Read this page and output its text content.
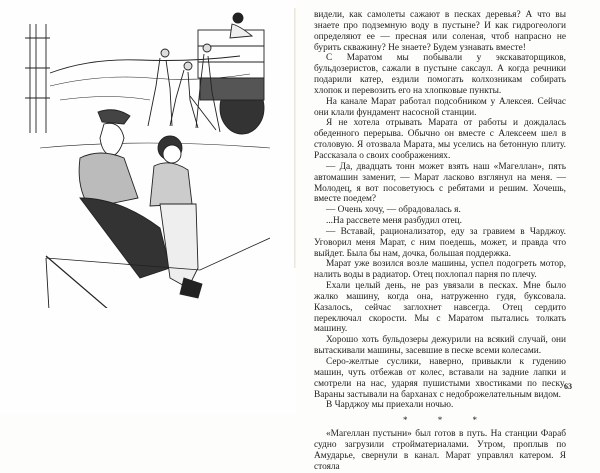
видели, как самолеты сажают в песках деревья? А что вы знаете про подземную воду в пустыне? И как гидрогеологи определяют ее — пресная или соленая, чтоб напрасно не бурить скважину? Не знаете? Будем узнавать вместе!

С Маратом мы побывали у экскаваторщиков, бульдозеристов, сажали в пустыне саксаул. А когда речники подарили катер, ездили помогать колхозникам собирать хлопок и перевозить его на хлопковые пункты.

На канале Марат работал подсобником у Алексея. Сейчас они клали фундамент насосной станции.

Я не хотела отрывать Марата от работы и дождалась обеденного перерыва. Обычно он вместе с Алексеем шел в столовую. Я отозвала Марата, мы уселись на бетонную плиту. Рассказала о своих соображениях.

— Да, двадцать тонн может взять наш «Магеллан», пять автомашин заменит, — Марат ласково взглянул на меня. — Молодец, я вот посоветуюсь с ребятами и решим. Хочешь, вместе поедем?

— Очень хочу, — обрадовалась я.

...На рассвете меня разбудил отец.

— Вставай, рационализатор, еду за гравием в Чарджоу. Уговорил меня Марат, с ним поедешь, может, и правда что выйдет. Была бы нам, дочка, большая поддержка.

Марат уже возился возле машины, успел подогреть мотор, налить воды в радиатор. Отец похлопал парня по плечу.

Ехали целый день, не раз увязали в песках. Мне было жалко машину, когда она, натруженно гудя, буксовала. Казалось, сейчас заглохнет навсегда. Отец сердито переключал скорости. Мы с Маратом пытались толкать машину.

Хорошо хоть бульдозеры дежурили на всякий случай, они вытаскивали машины, засевшие в песке всеми колесами.

Серо-желтые суслики, наверно, привыкли к гудению машин, чуть отбежав от колес, вставали на задние лапки и смотрели на нас, ударяя пушистыми хвостиками по песку. Вараны застывали на барханах с недоброжелательным видом.

В Чарджоу мы приехали ночью.

* * *

«Магеллан пустыни» был готов в путь. На станции Фараб судно загрузили стройматериалами. Утром, проплыв по Амударье, свернули в канал. Марат управлял катером. Я стояла

63
